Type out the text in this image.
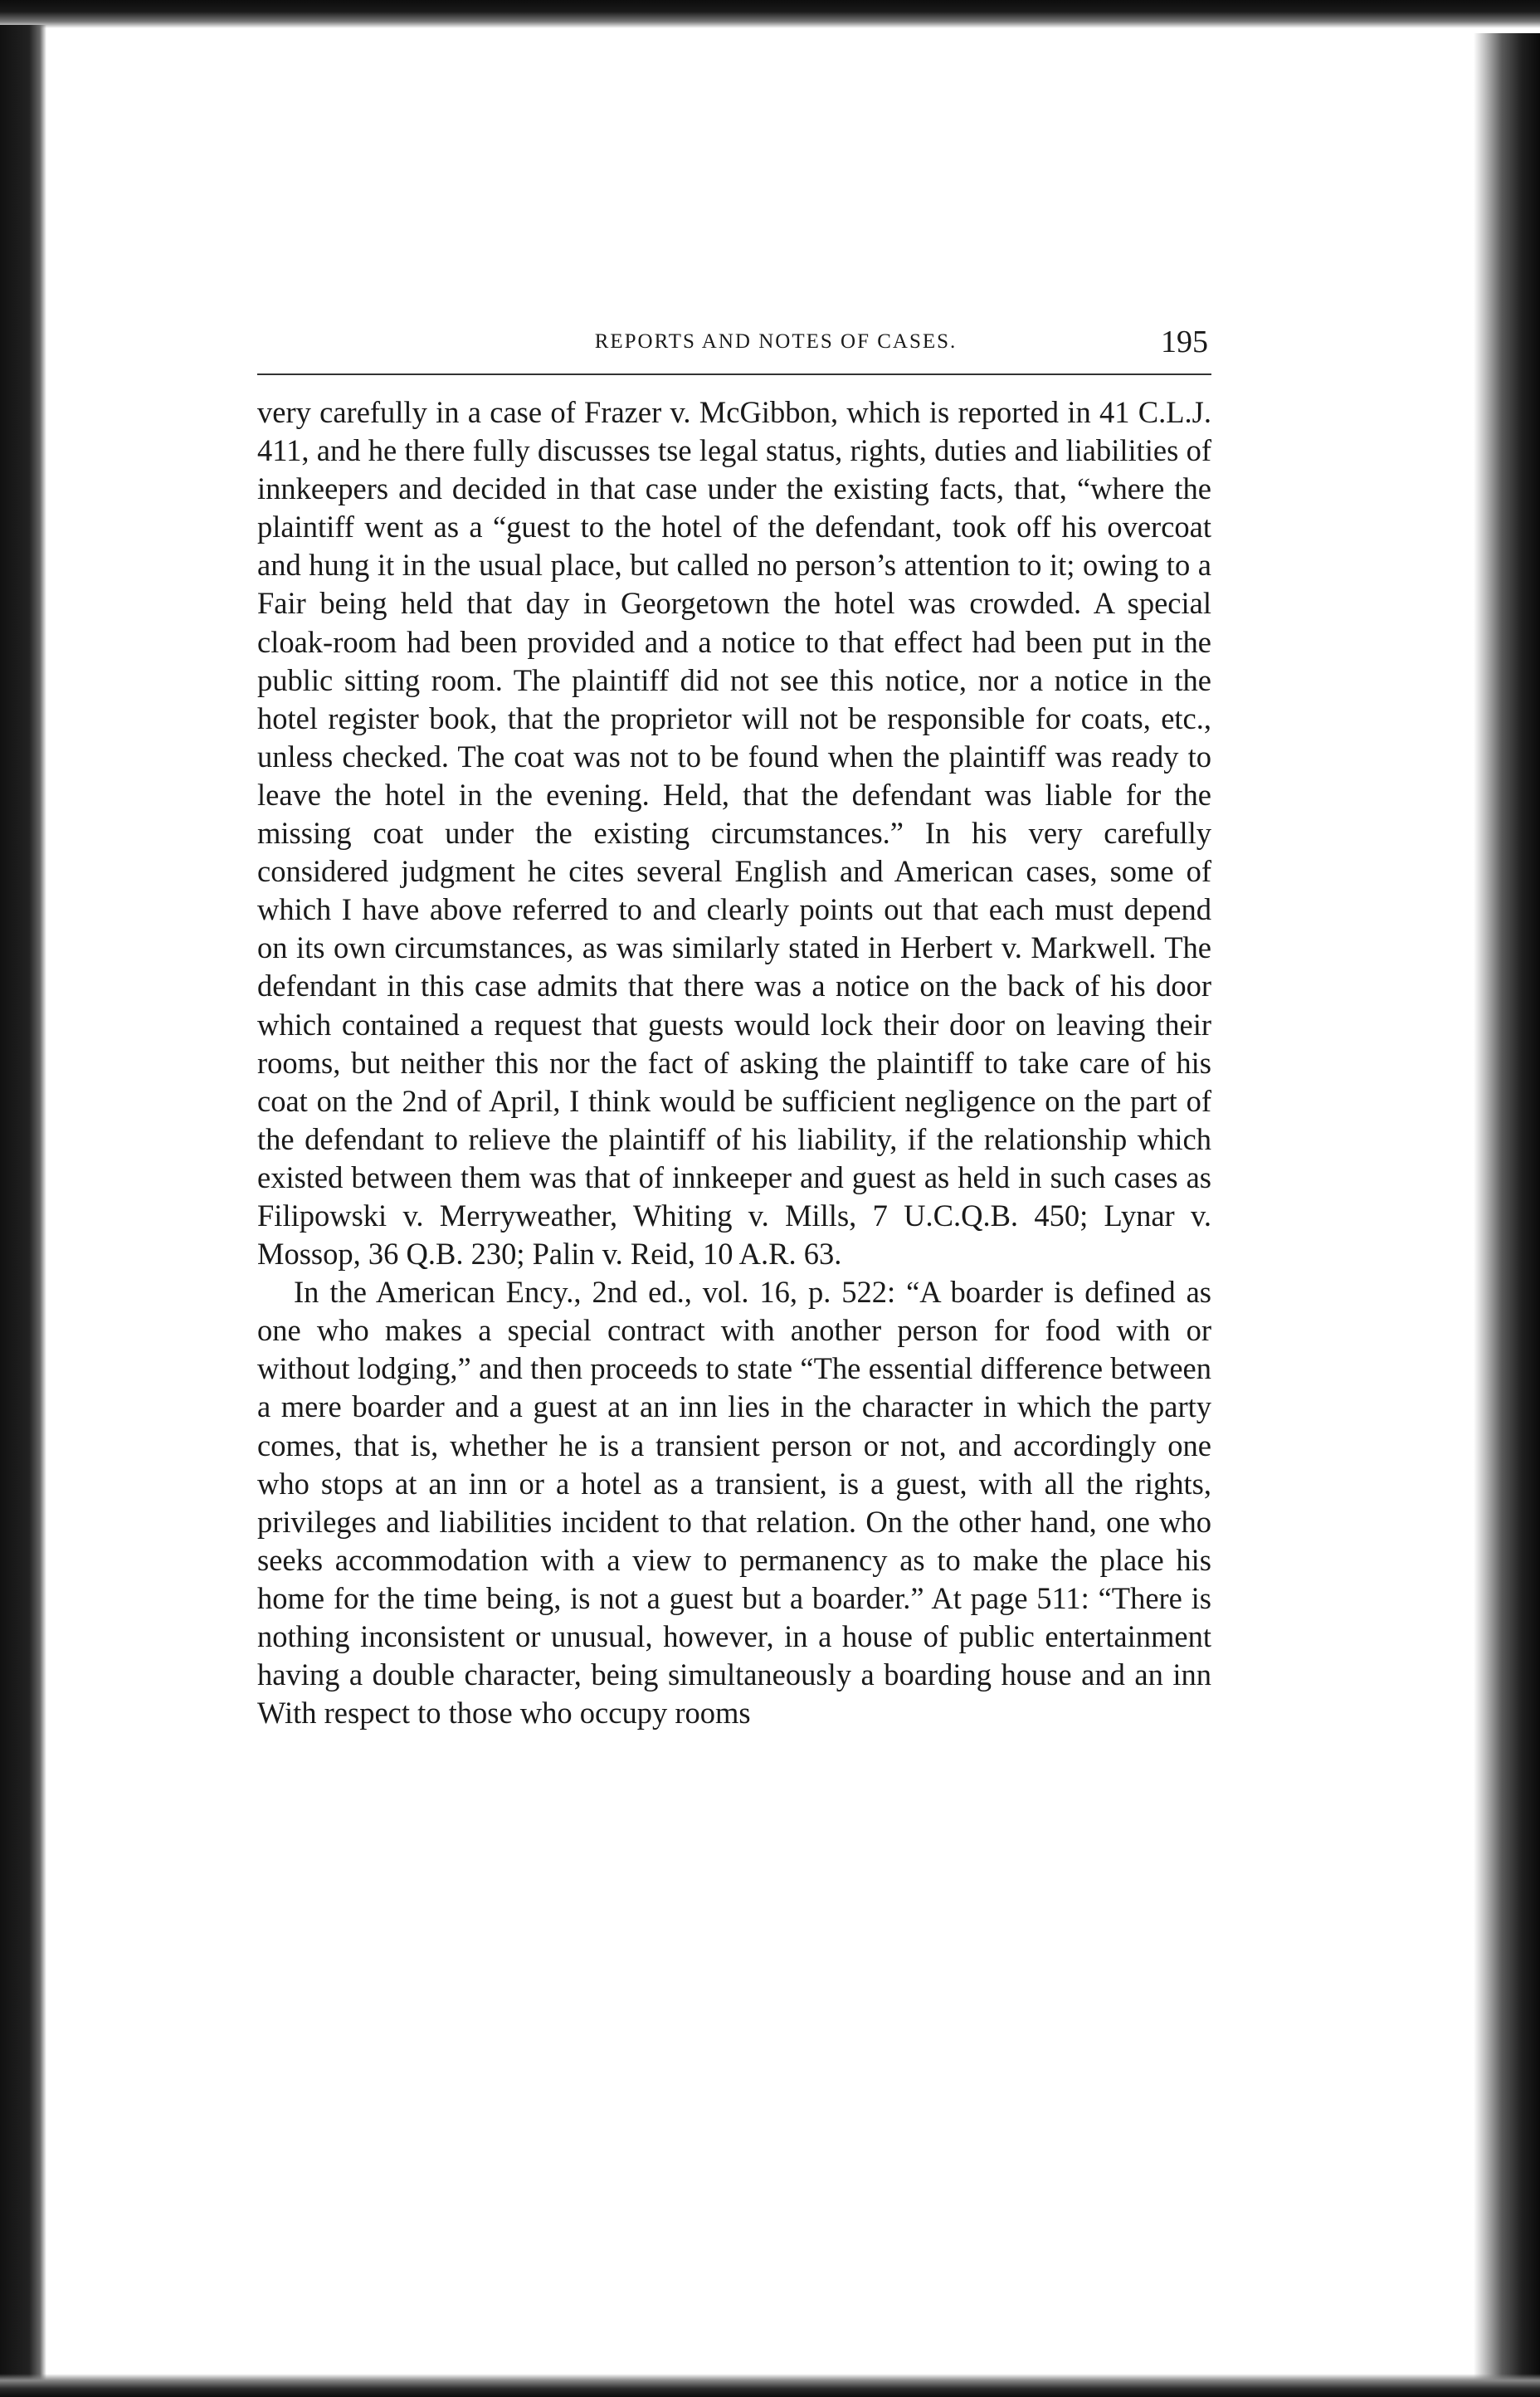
REPORTS AND NOTES OF CASES.	195

very carefully in a case of Frazer v. McGibbon, which is reported in 41 C.L.J. 411, and he there fully discusses tse legal status, rights, duties and liabilities of innkeepers and decided in that case under the existing facts, that, “where the plaintiff went as a “guest to the hotel of the defendant, took off his overcoat and hung it in the usual place, but called no person’s attention to it; owing to a Fair being held that day in Georgetown the hotel was crowded. A special cloak-room had been provided and a notice to that effect had been put in the public sitting room. The plaintiff did not see this notice, nor a notice in the hotel register book, that the proprietor will not be responsible for coats, etc., unless checked. The coat was not to be found when the plaintiff was ready to leave the hotel in the evening. Held, that the defendant was liable for the missing coat under the existing circumstances.” In his very carefully considered judgment he cites several English and American cases, some of which I have above referred to and clearly points out that each must depend on its own circumstances, as was similarly stated in Herbert v. Markwell. The defendant in this case admits that there was a notice on the back of his door which contained a request that guests would lock their door on leaving their rooms, but neither this nor the fact of asking the plaintiff to take care of his coat on the 2nd of April, I think would be sufficient negligence on the part of the defendant to relieve the plaintiff of his liability, if the relationship which existed between them was that of innkeeper and guest as held in such cases as Filipowski v. Merryweather, Whiting v. Mills, 7 U.C.Q.B. 450; Lynar v. Mossop, 36 Q.B. 230; Palin v. Reid, 10 A.R. 63.

In the American Ency., 2nd ed., vol. 16, p. 522: “A boarder is defined as one who makes a special contract with another person for food with or without lodging,” and then proceeds to state “The essential difference between a mere boarder and a guest at an inn lies in the character in which the party comes, that is, whether he is a transient person or not, and accordingly one who stops at an inn or a hotel as a transient, is a guest, with all the rights, privileges and liabilities incident to that relation. On the other hand, one who seeks accommodation with a view to permanency as to make the place his home for the time being, is not a guest but a boarder.” At page 511: “There is nothing inconsistent or unusual, however, in a house of public entertainment having a double character, being simultaneously a boarding house and an inn With respect to those who occupy rooms
